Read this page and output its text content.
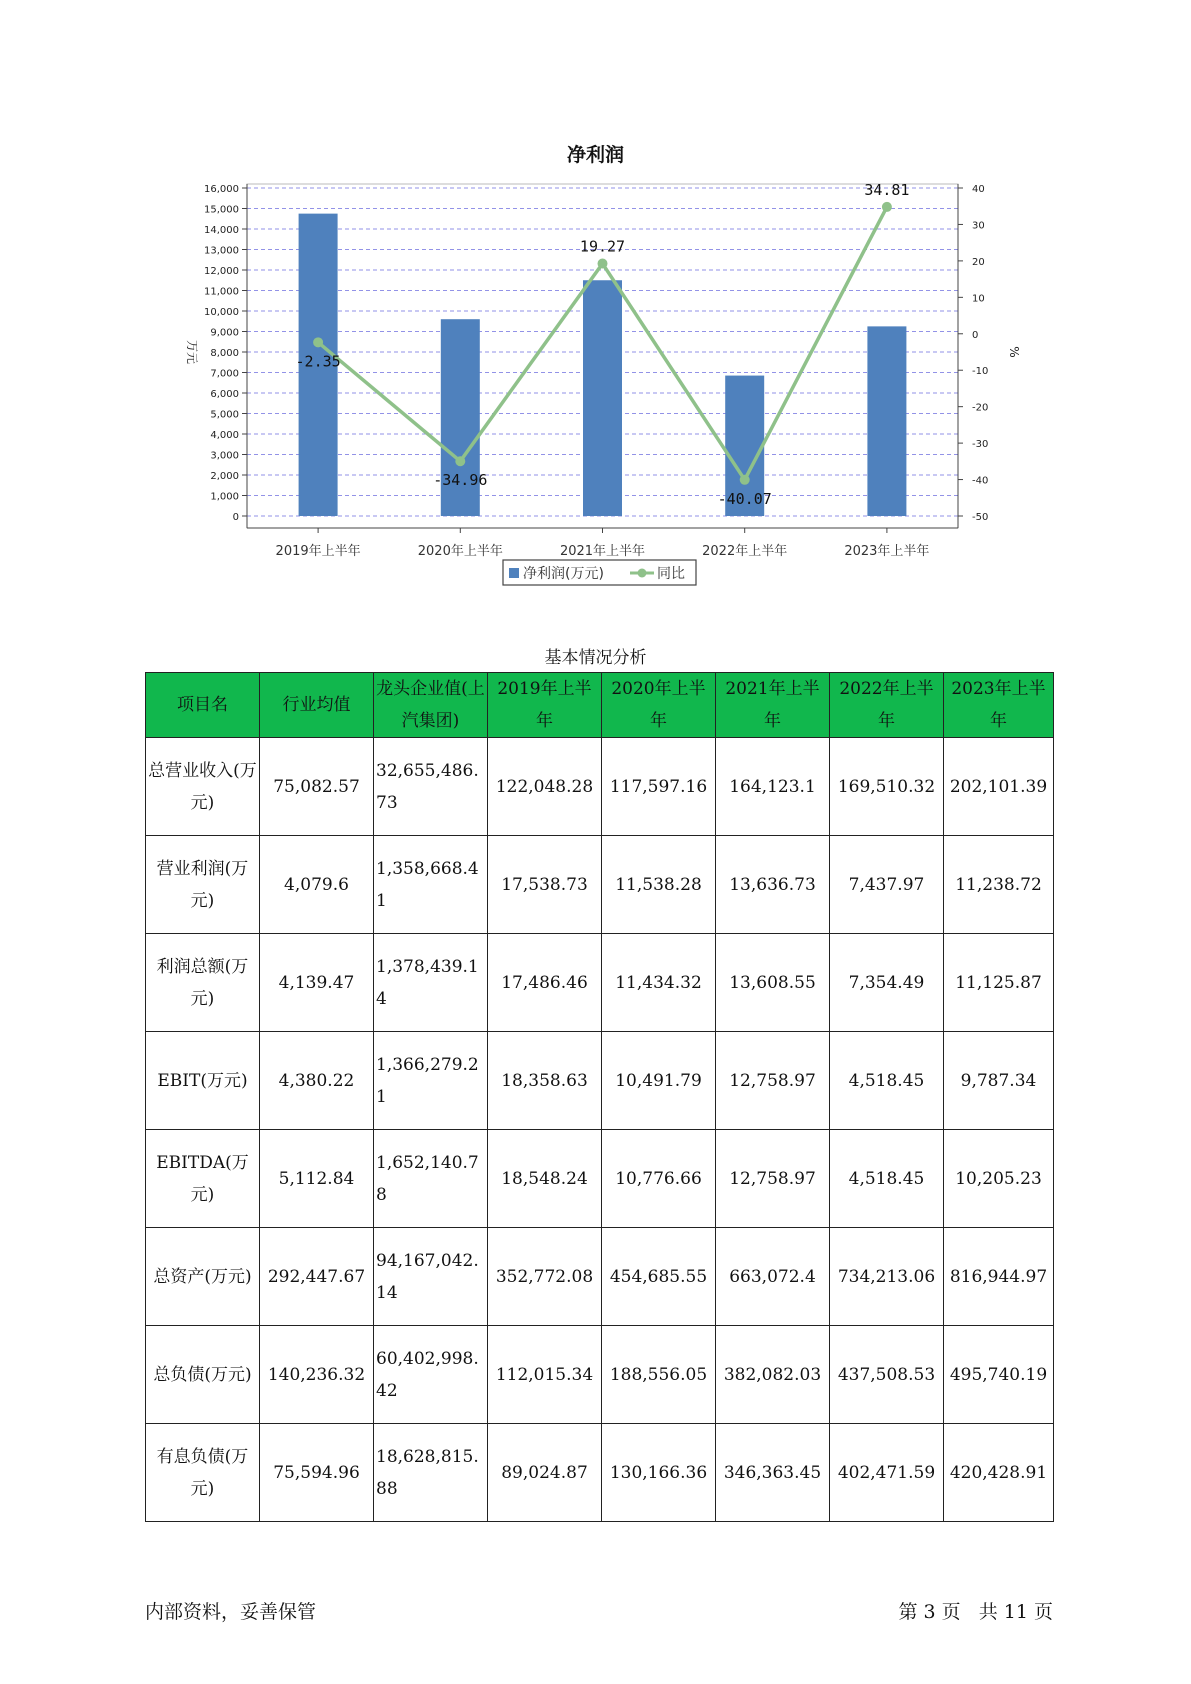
净利润
0
1,000
2,000
3,000
4,000
5,000
6,000
7,000
8,000
9,000
10,000
11,000
12,000
13,000
14,000
15,000
16,000
-50
-40
-30
-20
-10
0
10
20
30
40
万元	%
2019年上半年	2020年上半年	2021年上半年	2022年上半年	2023年上半年
-2.35
-34.96
19.27
-40.07
34.81
净利润(万元)	同比
基本情况分析
项目名	行业均值	龙头企业值(上汽集团)	2019年上半年	2020年上半年	2021年上半年	2022年上半年	2023年上半年
总营业收入(万元)	75,082.57	32,655,486.73	122,048.28	117,597.16	164,123.1	169,510.32	202,101.39
营业利润(万元)	4,079.6	1,358,668.41	17,538.73	11,538.28	13,636.73	7,437.97	11,238.72
利润总额(万元)	4,139.47	1,378,439.14	17,486.46	11,434.32	13,608.55	7,354.49	11,125.87
EBIT(万元)	4,380.22	1,366,279.21	18,358.63	10,491.79	12,758.97	4,518.45	9,787.34
EBITDA(万元)	5,112.84	1,652,140.78	18,548.24	10,776.66	12,758.97	4,518.45	10,205.23
总资产(万元)	292,447.67	94,167,042.14	352,772.08	454,685.55	663,072.4	734,213.06	816,944.97
总负债(万元)	140,236.32	60,402,998.42	112,015.34	188,556.05	382,082.03	437,508.53	495,740.19
有息负债(万元)	75,594.96	18,628,815.88	89,024.87	130,166.36	346,363.45	402,471.59	420,428.91
内部资料，妥善保管	第 3 页   共 11 页
